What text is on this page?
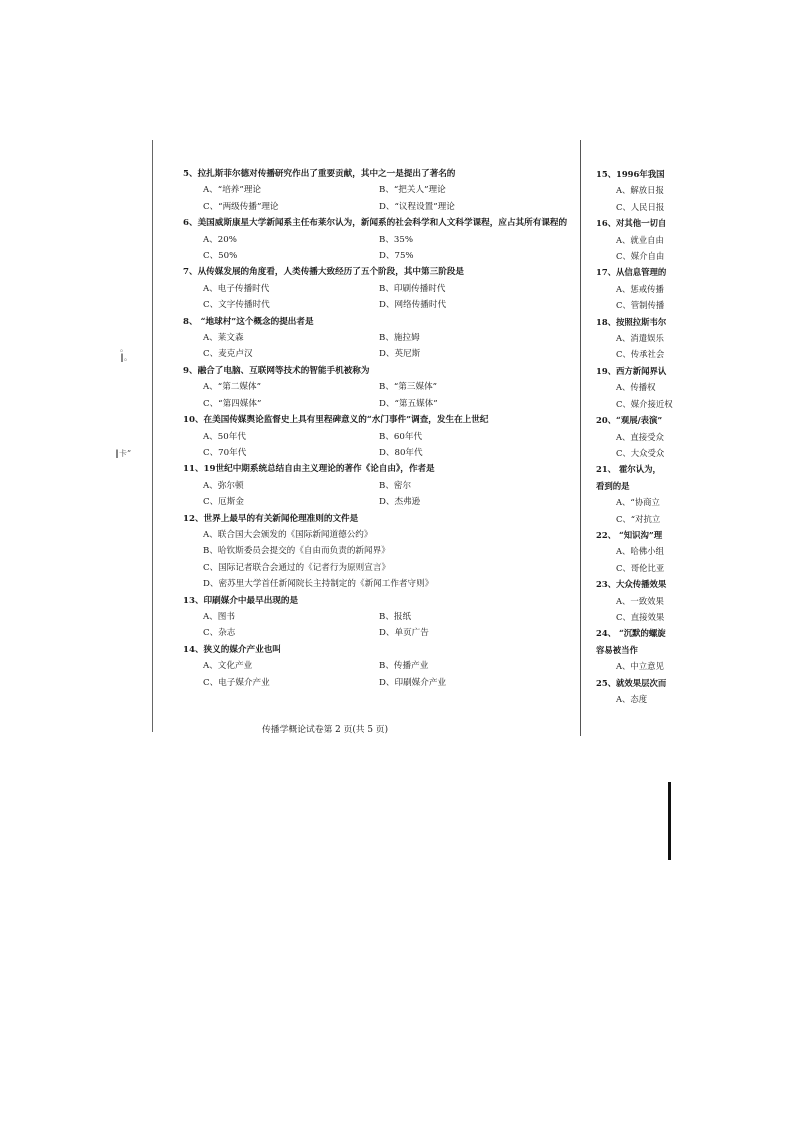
。
‖。
‖卡”
5、拉扎斯菲尔德对传播研究作出了重要贡献，其中之一是提出了著名的
A、“培养”理论	B、“把关人”理论
C、“两级传播”理论	D、“议程设置”理论
6、美国威斯康星大学新闻系主任布莱尔认为，新闻系的社会科学和人文科学课程，应占其所有课程的
A、20%	B、35%
C、50%	D、75%
7、从传媒发展的角度看，人类传播大致经历了五个阶段，其中第三阶段是
A、电子传播时代	B、印刷传播时代
C、文字传播时代	D、网络传播时代
8、 “地球村”这个概念的提出者是
A、莱文森	B、施拉姆
C、麦克卢汉	D、英尼斯
9、融合了电脑、互联网等技术的智能手机被称为
A、“第二媒体”	B、“第三媒体”
C、“第四媒体”	D、“第五媒体”
10、在美国传媒舆论监督史上具有里程碑意义的“水门事件”调查，发生在上世纪
A、50年代	B、60年代
C、70年代	D、80年代
11、19世纪中期系统总结自由主义理论的著作《论自由》，作者是
A、弥尔顿	B、密尔
C、厄斯金	D、杰弗逊
12、世界上最早的有关新闻伦理准则的文件是
A、联合国大会颁发的《国际新闻道德公约》
B、哈钦斯委员会提交的《自由而负责的新闻界》
C、国际记者联合会通过的《记者行为原则宣言》
D、密苏里大学首任新闻院长主持制定的《新闻工作者守则》
13、印刷媒介中最早出现的是
A、图书	B、报纸
C、杂志	D、单页广告
14、狭义的媒介产业也叫
A、文化产业	B、传播产业
C、电子媒介产业	D、印刷媒介产业
15、1996年我国
A、解放日报
C、人民日报
16、对其他一切自
A、就业自由
C、媒介自由
17、从信息管理的
A、惩戒传播
C、管制传播
18、按照拉斯韦尔
A、消遣娱乐
C、传承社会
19、西方新闻界认
A、传播权
C、媒介接近权
20、“观展/表演”
A、直接受众
C、大众受众
21、 霍尔认为，
看到的是
A、“协商立
C、“对抗立
22、 “知识沟”理
A、哈佛小组
C、哥伦比亚
23、大众传播效果
A、一致效果
C、直接效果
24、 “沉默的螺旋
容易被当作
A、中立意见
25、就效果层次而
A、态度
传播学概论试卷第 2 页(共 5 页)
